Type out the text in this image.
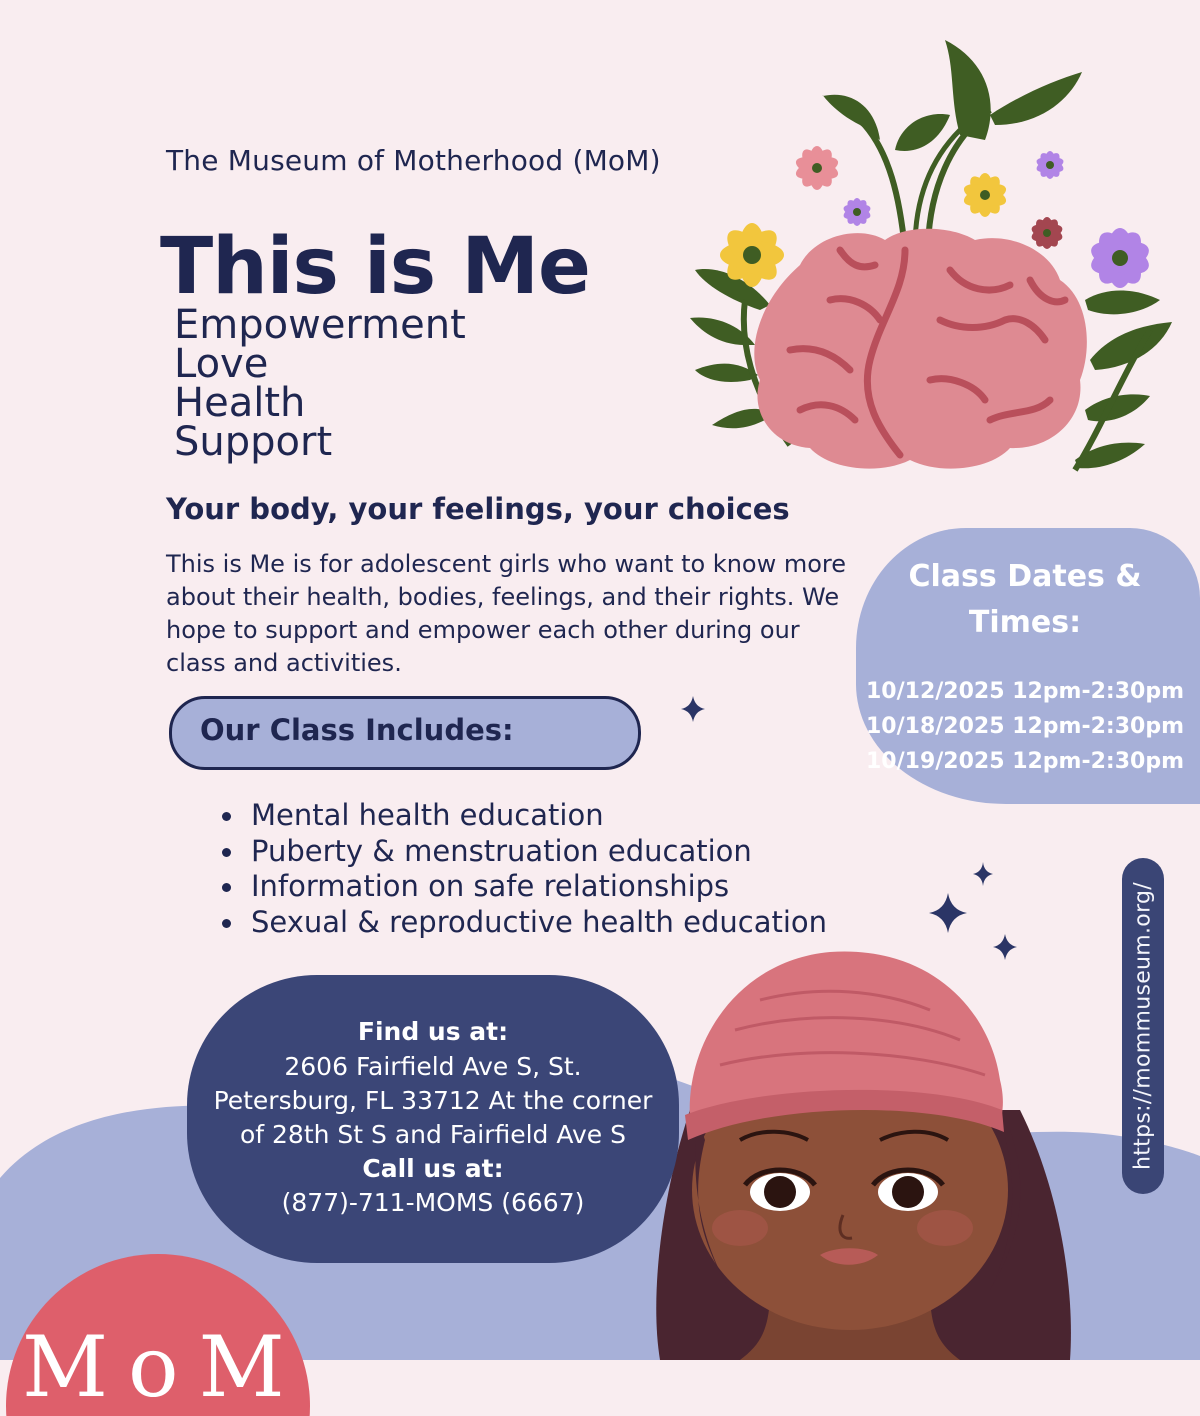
The Museum of Motherhood (MoM)
This is Me
Empowerment
Love
Health
Support
Your body, your feelings, your choices

This is Me is for adolescent girls who want to know more about their health, bodies, feelings, and their rights. We hope to support and empower each other during our class and activities.

Our Class Includes:
Mental health education
Puberty & menstruation education
Information on safe relationships
Sexual & reproductive health education
Class Dates & Times:
10/12/2025 12pm-2:30pm
10/18/2025 12pm-2:30pm
10/19/2025 12pm-2:30pm
https://mommuseum.org/
Find us at:
2606 Fairfield Ave S, St.
Petersburg, FL 33712 At the corner
of 28th St S and Fairfield Ave S
Call us at:
(877)-711-MOMS (6667)
MoM
